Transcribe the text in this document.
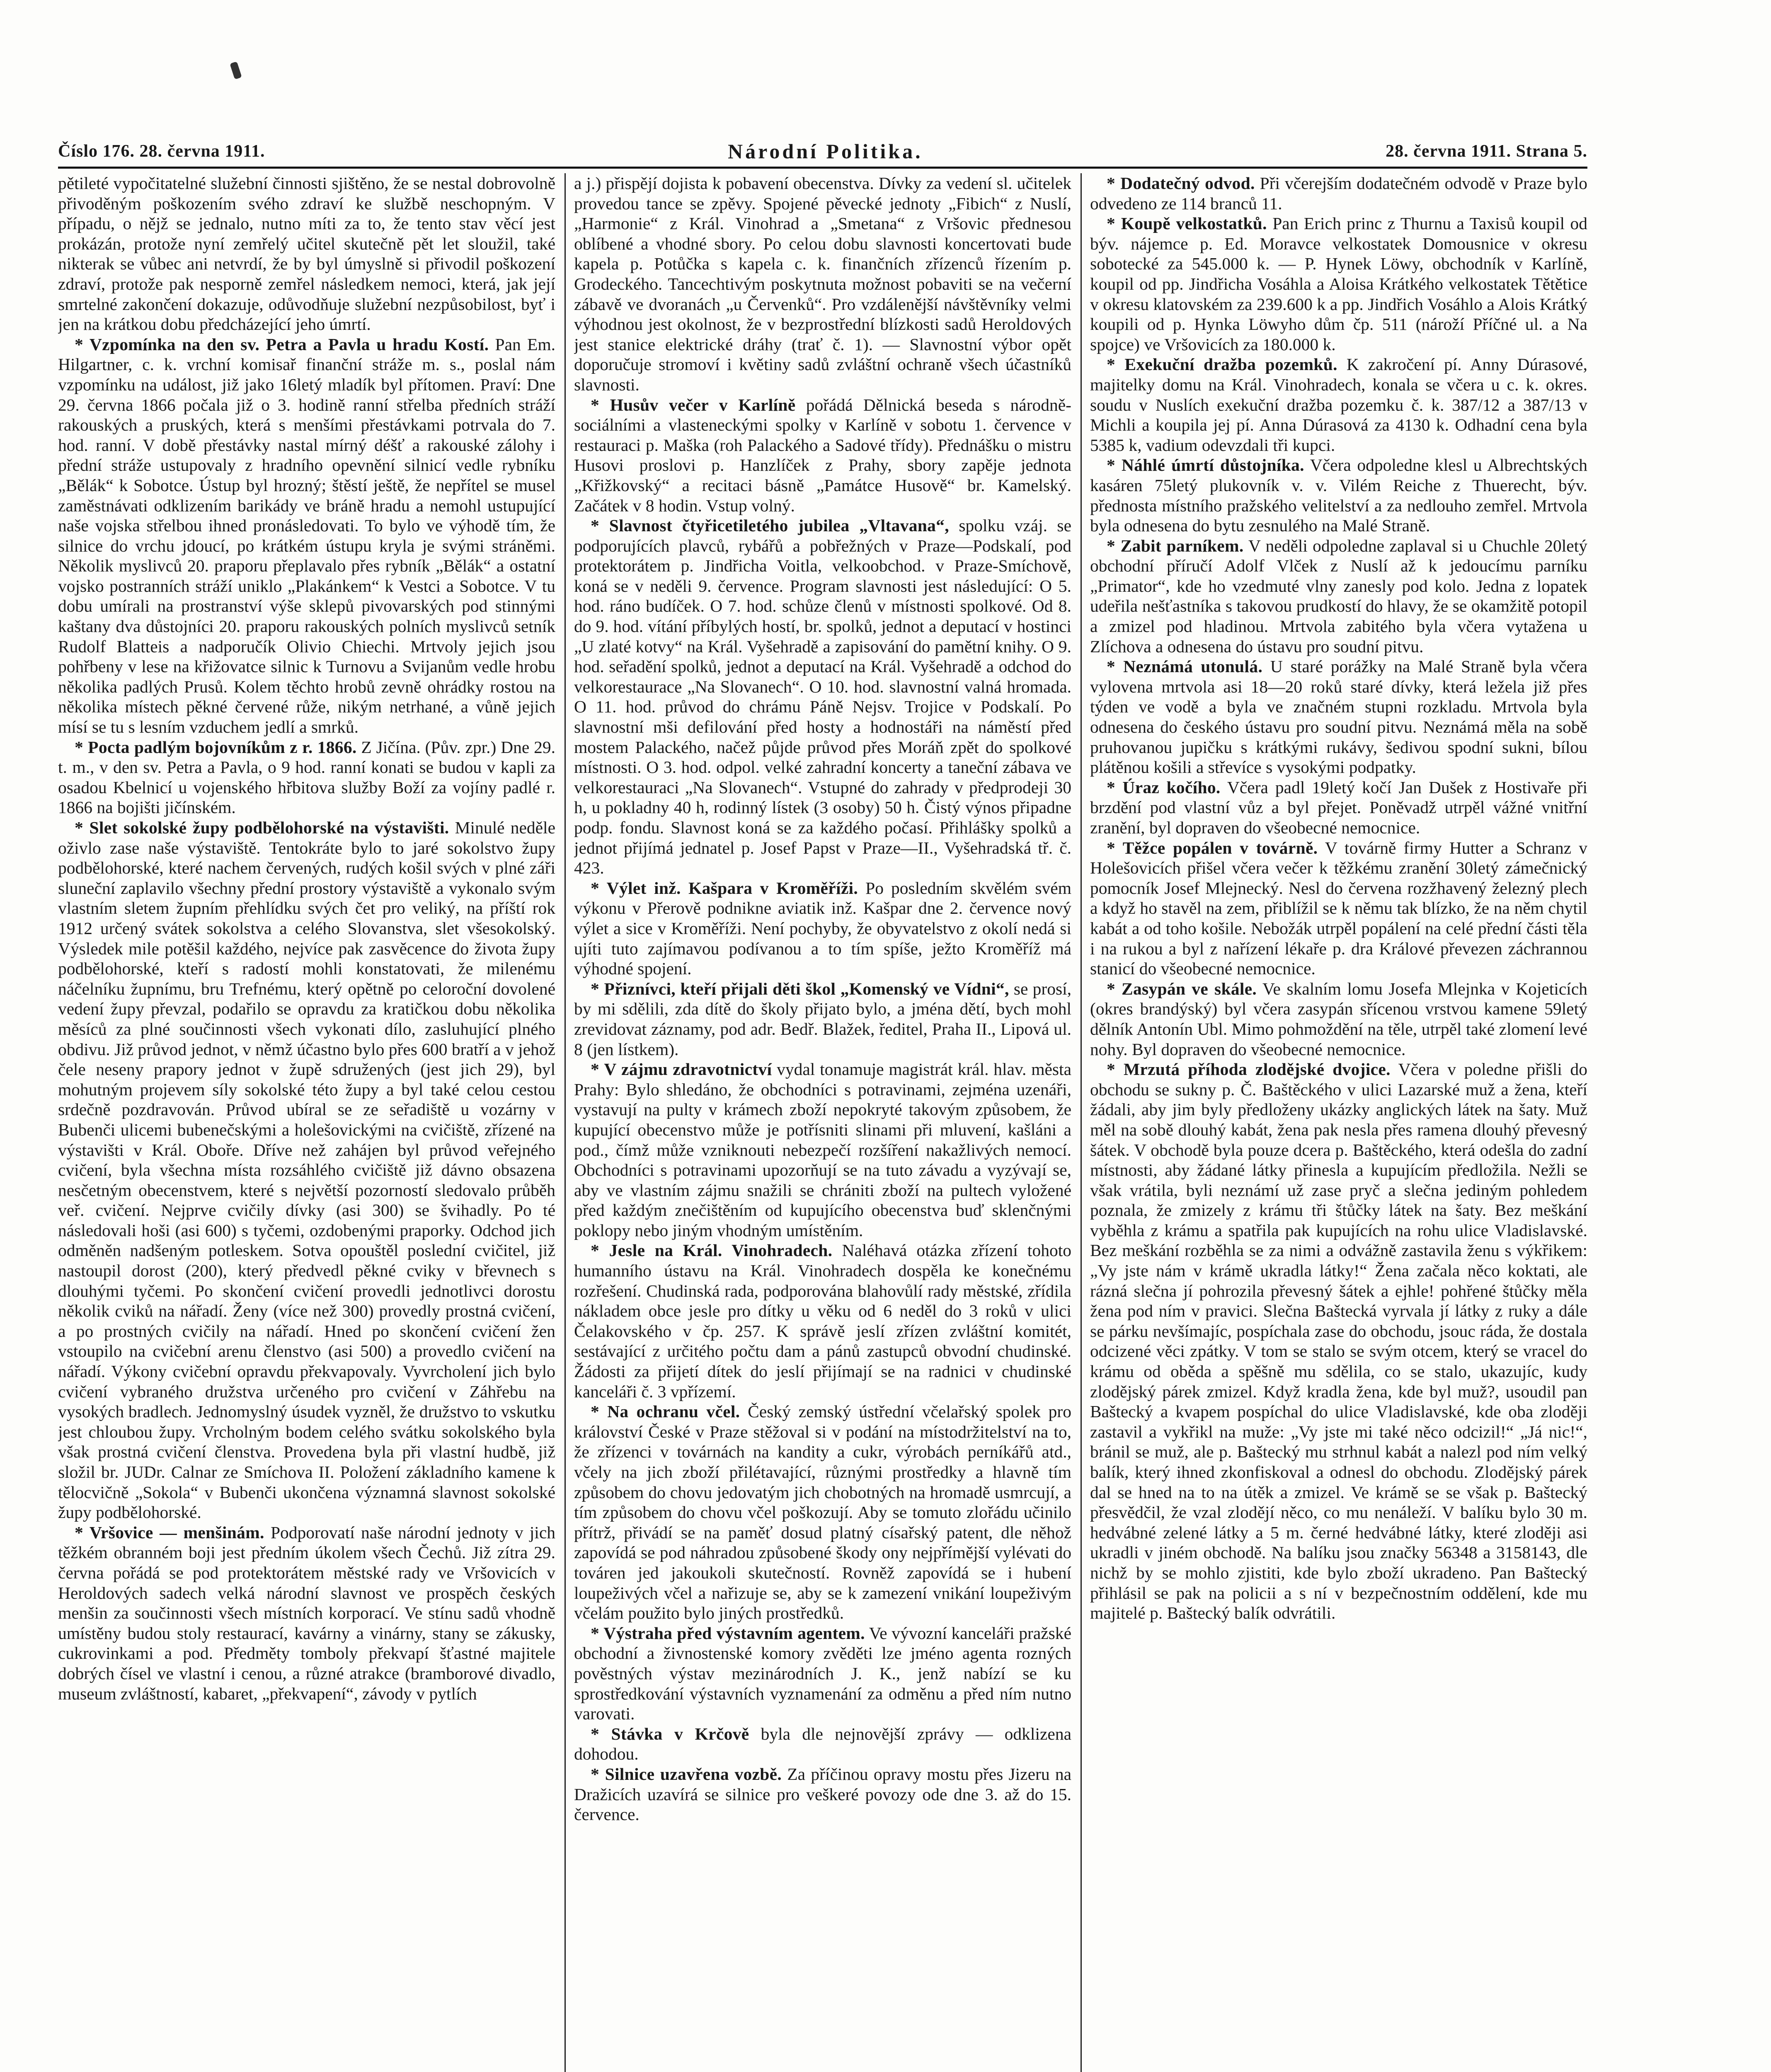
Číslo 176. 28. června 1911.	Národní Politika.	28. června 1911. Strana 5.

pětileté vypočitatelné služební činnosti sjištěno, že se nestal dobrovolně přivoděným poškozením svého zdraví ke službě neschopným. V případu, o nějž se jednalo, nutno míti za to, že tento stav věcí jest prokázán, protože nyní zemřelý učitel skutečně pět let sloužil, také nikterak se vůbec ani netvrdí, že by byl úmyslně si přivodil poškození zdraví, protože pak nesporně zemřel následkem nemoci, která, jak její smrtelné zakončení dokazuje, odůvodňuje služební nezpůsobilost, byť i jen na krátkou dobu předcházející jeho úmrtí.

* Vzpomínka na den sv. Petra a Pavla u hradu Kostí. Pan Em. Hilgartner, c. k. vrchní komisař finanční stráže m. s., poslal nám vzpomínku na událost, již jako 16letý mladík byl přítomen. Praví: Dne 29. června 1866 počala již o 3. hodině ranní střelba předních stráží rakouských a pruských, která s menšími přestávkami potrvala do 7. hod. ranní. V době přestávky nastal mírný déšť a rakouské zálohy i přední stráže ustupovaly z hradního opevnění silnicí vedle rybníku „Bělák“ k Sobotce. Ústup byl hrozný; štěstí ještě, že nepřítel se musel zaměstnávati odklizením barikády ve bráně hradu a nemohl ustupující naše vojska střelbou ihned pronásledovati. To bylo ve výhodě tím, že silnice do vrchu jdoucí, po krátkém ústupu kryla je svými stráněmi. Několik myslivců 20. praporu přeplavalo přes rybník „Bělák“ a ostatní vojsko postranních stráží uniklo „Plakánkem“ k Vestci a Sobotce. V tu dobu umírali na prostranství výše sklepů pivovarských pod stinnými kaštany dva důstojníci 20. praporu rakouských polních myslivců setník Rudolf Blatteis a nadporučík Olivio Chiechi. Mrtvoly jejich jsou pohřbeny v lese na křižovatce silnic k Turnovu a Svijanům vedle hrobu několika padlých Prusů. Kolem těchto hrobů zevně ohrádky rostou na několika místech pěkné červené růže, nikým netrhané, a vůně jejich mísí se tu s lesním vzduchem jedlí a smrků.

* Pocta padlým bojovníkům z r. 1866. Z Jičína. (Pův. zpr.) Dne 29. t. m., v den sv. Petra a Pavla, o 9 hod. ranní konati se budou v kapli za osadou Kbelnicí u vojenského hřbitova služby Boží za vojíny padlé r. 1866 na bojišti jičínském.

* Slet sokolské župy podbělohorské na výstavišti. Minulé neděle oživlo zase naše výstaviště. Tentokráte bylo to jaré sokolstvo župy podbělohorské, které nachem červených, rudých košil svých v plné záři sluneční zaplavilo všechny přední prostory výstaviště a vykonalo svým vlastním sletem župním přehlídku svých čet pro veliký, na příští rok 1912 určený svátek sokolstva a celého Slovanstva, slet všesokolský. Výsledek mile potěšil každého, nejvíce pak zasvěcence do života župy podbělohorské, kteří s radostí mohli konstatovati, že milenému náčelníku župnímu, bru Trefnému, který opětně po celoroční dovolené vedení župy převzal, podařilo se opravdu za kratičkou dobu několika měsíců za plné součinnosti všech vykonati dílo, zasluhující plného obdivu. Již průvod jednot, v němž účastno bylo přes 600 bratří a v jehož čele neseny prapory jednot v župě sdružených (jest jich 29), byl mohutným projevem síly sokolské této župy a byl také celou cestou srdečně pozdravován. Průvod ubíral se ze seřadiště u vozárny v Bubenči ulicemi bubenečskými a holešovickými na cvičiště, zřízené na výstavišti v Král. Oboře. Dříve než zahájen byl průvod veřejného cvičení, byla všechna místa rozsáhlého cvičiště již dávno obsazena nesčetným obecenstvem, které s největší pozorností sledovalo průběh veř. cvičení. Nejprve cvičily dívky (asi 300) se švihadly. Po té následovali hoši (asi 600) s tyčemi, ozdobenými praporky. Odchod jich odměněn nadšeným potleskem. Sotva opouštěl poslední cvičitel, již nastoupil dorost (200), který předvedl pěkné cviky v břevnech s dlouhými tyčemi. Po skončení cvičení provedli jednotlivci dorostu několik cviků na nářadí. Ženy (více než 300) provedly prostná cvičení, a po prostných cvičily na nářadí. Hned po skončení cvičení žen vstoupilo na cvičební arenu členstvo (asi 500) a provedlo cvičení na nářadí. Výkony cvičební opravdu překvapovaly. Vyvrcholení jich bylo cvičení vybraného družstva určeného pro cvičení v Záhřebu na vysokých bradlech. Jednomyslný úsudek vyzněl, že družstvo to vskutku jest chloubou župy. Vrcholným bodem celého svátku sokolského byla však prostná cvičení členstva. Provedena byla při vlastní hudbě, již složil br. JUDr. Calnar ze Smíchova II. Položení základního kamene k tělocvičně „Sokola“ v Bubenči ukončena významná slavnost sokolské župy podbělohorské.

* Vršovice — menšinám. Podporovatí naše národní jednoty v jich těžkém obranném boji jest předním úkolem všech Čechů. Již zítra 29. června pořádá se pod protektorátem městské rady ve Vršovicích v Heroldových sadech velká národní slavnost ve prospěch českých menšin za součinnosti všech místních korporací. Ve stínu sadů vhodně umístěny budou stoly restaurací, kavárny a vinárny, stany se zákusky, cukrovinkami a pod. Předměty tomboly překvapí šťastné majitele dobrých čísel ve vlastní i cenou, a různé atrakce (bramborové divadlo, museum zvláštností, kabaret, „překvapení“, závody v pytlích

a j.) přispějí dojista k pobavení obecenstva. Dívky za vedení sl. učitelek provedou tance se zpěvy. Spojené pěvecké jednoty „Fibich“ z Nuslí, „Harmonie“ z Král. Vinohrad a „Smetana“ z Vršovic přednesou oblíbené a vhodné sbory. Po celou dobu slavnosti koncertovati bude kapela p. Potůčka s kapela c. k. finančních zřízenců řízením p. Grodeckého. Tancechtivým poskytnuta možnost pobaviti se na večerní zábavě ve dvoranách „u Červenků“. Pro vzdálenější návštěvníky velmi výhodnou jest okolnost, že v bezprostřední blízkosti sadů Heroldových jest stanice elektrické dráhy (trať č. 1). — Slavnostní výbor opět doporučuje stromoví i květiny sadů zvláštní ochraně všech účastníků slavnosti.

* Husův večer v Karlíně pořádá Dělnická beseda s národně-sociálními a vlasteneckými spolky v Karlíně v sobotu 1. července v restauraci p. Maška (roh Palackého a Sadové třídy). Přednášku o mistru Husovi proslovi p. Hanzlíček z Prahy, sbory zapěje jednota „Křižkovský“ a recitaci básně „Památce Husově“ br. Kamelský. Začátek v 8 hodin. Vstup volný.

* Slavnost čtyřicetiletého jubilea „Vltavana“, spolku vzáj. se podporujících plavců, rybářů a pobřežných v Praze—Podskalí, pod protektorátem p. Jindřicha Voitla, velkoobchod. v Praze-Smíchově, koná se v neděli 9. července. Program slavnosti jest následující: O 5. hod. ráno budíček. O 7. hod. schůze členů v místnosti spolkové. Od 8. do 9. hod. vítání příbylých hostí, br. spolků, jednot a deputací v hostinci „U zlaté kotvy“ na Král. Vyšehradě a zapisování do pamětní knihy. O 9. hod. seřadění spolků, jednot a deputací na Král. Vyšehradě a odchod do velkorestaurace „Na Slovanech“. O 10. hod. slavnostní valná hromada. O 11. hod. průvod do chrámu Páně Nejsv. Trojice v Podskalí. Po slavnostní mši defilování před hosty a hodnostáři na náměstí před mostem Palackého, načež půjde průvod přes Moráň zpět do spolkové místnosti. O 3. hod. odpol. velké zahradní koncerty a taneční zábava ve velkorestauraci „Na Slovanech“. Vstupné do zahrady v předprodeji 30 h, u pokladny 40 h, rodinný lístek (3 osoby) 50 h. Čistý výnos připadne podp. fondu. Slavnost koná se za každého počasí. Přihlášky spolků a jednot přijímá jednatel p. Josef Papst v Praze—II., Vyšehradská tř. č. 423.

* Výlet inž. Kašpara v Kroměříži. Po posledním skvělém svém výkonu v Přerově podnikne aviatik inž. Kašpar dne 2. července nový výlet a sice v Kroměříži. Není pochyby, že obyvatelstvo z okolí nedá si ujíti tuto zajímavou podívanou a to tím spíše, ježto Kroměříž má výhodné spojení.

* Přiznívci, kteří přijali děti škol „Komenský ve Vídni“, se prosí, by mi sdělili, zda dítě do školy přijato bylo, a jména dětí, bych mohl zrevidovat záznamy, pod adr. Bedř. Blažek, ředitel, Praha II., Lipová ul. 8 (jen lístkem).

* V zájmu zdravotnictví vydal tonamuje magistrát král. hlav. města Prahy: Bylo shledáno, že obchodníci s potravinami, zejména uzenáři, vystavují na pulty v krámech zboží nepokryté takovým způsobem, že kupující obecenstvo může je potřísniti slinami při mluvení, kašláni a pod., čímž může vzniknouti nebezpečí rozšíření nakažlivých nemocí. Obchodníci s potravinami upozorňují se na tuto závadu a vyzývají se, aby ve vlastním zájmu snažili se chrániti zboží na pultech vyložené před každým znečištěním od kupujícího obecenstva buď sklenčnými poklopy nebo jiným vhodným umístěním.

* Jesle na Král. Vinohradech. Naléhavá otázka zřízení tohoto humanního ústavu na Král. Vinohradech dospěla ke konečnému rozřešení. Chudinská rada, podporována blahovůlí rady městské, zřídila nákladem obce jesle pro dítky u věku od 6 neděl do 3 roků v ulici Čelakovského v čp. 257. K správě jeslí zřízen zvláštní komitét, sestávající z určitého počtu dam a pánů zastupců obvodní chudinské. Žádosti za přijetí dítek do jeslí přijímají se na radnici v chudinské kanceláři č. 3 vpřízemí.

* Na ochranu včel. Český zemský ústřední včelařský spolek pro království České v Praze stěžoval si v podání na místodržitelství na to, že zřízenci v továrnách na kandity a cukr, výrobách perníkářů atd., včely na jich zboží přilétavající, různými prostředky a hlavně tím způsobem do chovu jedovatým jich chobotných na hromadě usmrcují, a tím způsobem do chovu včel poškozují. Aby se tomuto zlořádu učinilo přítrž, přivádí se na paměť dosud platný císařský patent, dle něhož zapovídá se pod náhradou způsobené škody ony nejpřímější vylévati do továren jed jakoukoli skutečností. Rovněž zapovídá se i hubení loupeživých včel a nařizuje se, aby se k zamezení vnikání loupeživým včelám použito bylo jiných prostředků.

* Výstraha před výstavním agentem. Ve vývozní kanceláři pražské obchodní a živnostenské komory zvěděti lze jméno agenta rozných pověstných výstav mezinárodních J. K., jenž nabízí se ku sprostředkování výstavních vyznamenání za odměnu a před ním nutno varovati.

* Stávka v Krčově byla dle nejnovější zprávy — odklizena dohodou.

* Silnice uzavřena vozbě. Za příčinou opravy mostu přes Jizeru na Dražicích uzavírá se silnice pro veškeré povozy ode dne 3. až do 15. července.

* Dodatečný odvod. Při včerejším dodatečném odvodě v Praze bylo odvedeno ze 114 branců 11.

* Koupě velkostatků. Pan Erich princ z Thurnu a Taxisů koupil od býv. nájemce p. Ed. Moravce velkostatek Domousnice v okresu sobotecké za 545.000 k. — P. Hynek Löwy, obchodník v Karlíně, koupil od pp. Jindřicha Vosáhla a Aloisa Krátkého velkostatek Tětětice v okresu klatovském za 239.600 k a pp. Jindřich Vosáhlo a Alois Krátký koupili od p. Hynka Löwyho dům čp. 511 (nároží Příčné ul. a Na spojce) ve Vršovicích za 180.000 k.

* Exekuční dražba pozemků. K zakročení pí. Anny Dúrasové, majitelky domu na Král. Vinohradech, konala se včera u c. k. okres. soudu v Nuslích exekuční dražba pozemku č. k. 387/12 a 387/13 v Michli a koupila jej pí. Anna Dúrasová za 4130 k. Odhadní cena byla 5385 k, vadium odevzdali tři kupci.

* Náhlé úmrtí důstojníka. Včera odpoledne klesl u Albrechtských kasáren 75letý plukovník v. v. Vilém Reiche z Thuerecht, býv. přednosta místního pražského velitelství a za nedlouho zemřel. Mrtvola byla odnesena do bytu zesnulého na Malé Straně.

* Zabit parníkem. V neděli odpoledne zaplaval si u Chuchle 20letý obchodní příručí Adolf Vlček z Nuslí až k jedoucímu parníku „Primator“, kde ho vzedmuté vlny zanesly pod kolo. Jedna z lopatek udeřila nešťastníka s takovou prudkostí do hlavy, že se okamžitě potopil a zmizel pod hladinou. Mrtvola zabitého byla včera vytažena u Zlíchova a odnesena do ústavu pro soudní pitvu.

* Neznámá utonulá. U staré porážky na Malé Straně byla včera vylovena mrtvola asi 18—20 roků staré dívky, která ležela již přes týden ve vodě a byla ve značném stupni rozkladu. Mrtvola byla odnesena do českého ústavu pro soudní pitvu. Neznámá měla na sobě pruhovanou jupičku s krátkými rukávy, šedivou spodní sukni, bílou plátěnou košili a střevíce s vysokými podpatky.

* Úraz kočího. Včera padl 19letý kočí Jan Dušek z Hostivaře při brzdění pod vlastní vůz a byl přejet. Poněvadž utrpěl vážné vnitřní zranění, byl dopraven do všeobecné nemocnice.

* Těžce popálen v továrně. V továrně firmy Hutter a Schranz v Holešovicích přišel včera večer k těžkému zranění 30letý zámečnický pomocník Josef Mlejnecký. Nesl do červena rozžhavený železný plech a když ho stavěl na zem, přiblížil se k němu tak blízko, že na něm chytil kabát a od toho košile. Nebožák utrpěl popálení na celé přední části těla i na rukou a byl z nařízení lékaře p. dra Králové převezen záchrannou stanicí do všeobecné nemocnice.

* Zasypán ve skále. Ve skalním lomu Josefa Mlejnka v Kojeticích (okres brandýský) byl včera zasypán sřícenou vrstvou kamene 59letý dělník Antonín Ubl. Mimo pohmoždění na těle, utrpěl také zlomení levé nohy. Byl dopraven do všeobecné nemocnice.

* Mrzutá příhoda zlodějské dvojice. Včera v poledne přišli do obchodu se sukny p. Č. Baštěckého v ulici Lazarské muž a žena, kteří žádali, aby jim byly předloženy ukázky anglických látek na šaty. Muž měl na sobě dlouhý kabát, žena pak nesla přes ramena dlouhý převesný šátek. V obchodě byla pouze dcera p. Baštěckého, která odešla do zadní místnosti, aby žádané látky přinesla a kupujícím předložila. Nežli se však vrátila, byli neznámí už zase pryč a slečna jediným pohledem poznala, že zmizely z krámu tři štůčky látek na šaty. Bez meškání vyběhla z krámu a spatřila pak kupujících na rohu ulice Vladislavské. Bez meškání rozběhla se za nimi a odvážně zastavila ženu s výkřikem: „Vy jste nám v krámě ukradla látky!“ Žena začala něco koktati, ale rázná slečna jí pohrozila převesný šátek a ejhle! pohřené štůčky měla žena pod ním v pravici. Slečna Baštecká vyrvala jí látky z ruky a dále se párku nevšímajíc, pospíchala zase do obchodu, jsouc ráda, že dostala odcizené věci zpátky. V tom se stalo se svým otcem, který se vracel do krámu od oběda a spěšně mu sdělila, co se stalo, ukazujíc, kudy zlodějský párek zmizel. Když kradla žena, kde byl muž?, usoudil pan Baštecký a kvapem pospíchal do ulice Vladislavské, kde oba zloději zastavil a vykřikl na muže: „Vy jste mi také něco odcizil!“ „Já nic!“, bránil se muž, ale p. Baštecký mu strhnul kabát a nalezl pod ním velký balík, který ihned zkonfiskoval a odnesl do obchodu. Zlodějský párek dal se hned na to na útěk a zmizel. Ve krámě se se však p. Baštecký přesvědčil, že vzal zlodějí něco, co mu nenáleží. V balíku bylo 30 m. hedvábné zelené látky a 5 m. černé hedvábné látky, které zloději asi ukradli v jiném obchodě. Na balíku jsou značky 56348 a 3158143, dle nichž by se mohlo zjistiti, kde bylo zboží ukradeno. Pan Baštecký přihlásil se pak na policii a s ní v bezpečnostním oddělení, kde mu majitelé p. Baštecký balík odvrátili.
